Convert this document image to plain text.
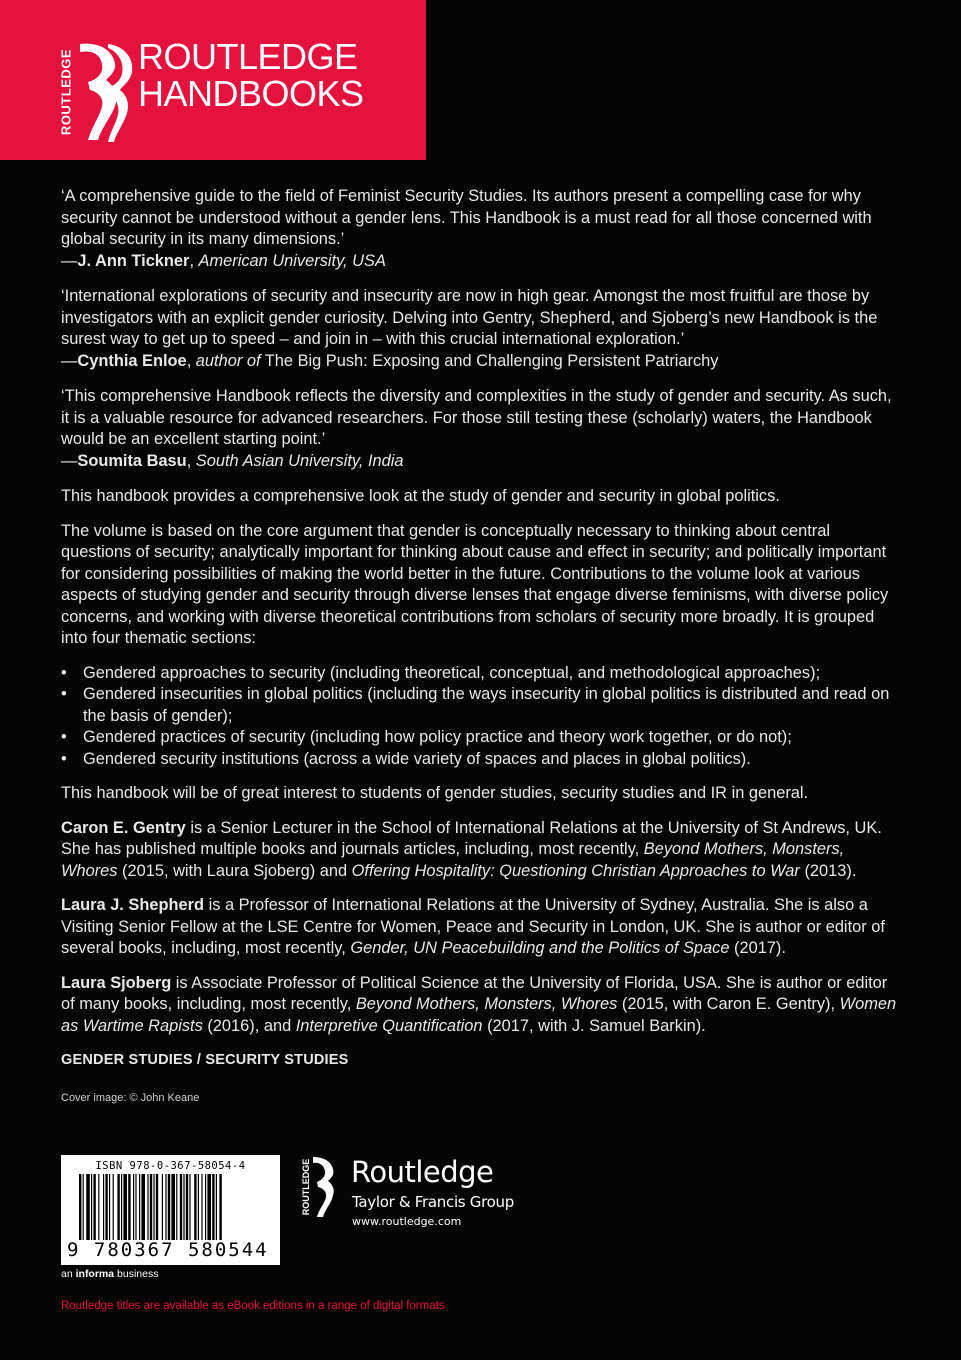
ROUTLEDGE ROUTLEDGE
HANDBOOKS
‘A comprehensive guide to the field of Feminist Security Studies. Its authors present a compelling case for why security cannot be understood without a gender lens. This Handbook is a must read for all those concerned with global security in its many dimensions.’
—J. Ann Tickner, American University, USA
‘International explorations of security and insecurity are now in high gear. Amongst the most fruitful are those by investigators with an explicit gender curiosity. Delving into Gentry, Shepherd, and Sjoberg’s new Handbook is the surest way to get up to speed – and join in – with this crucial international exploration.’
—Cynthia Enloe, author of The Big Push: Exposing and Challenging Persistent Patriarchy
‘This comprehensive Handbook reflects the diversity and complexities in the study of gender and security. As such, it is a valuable resource for advanced researchers. For those still testing these (scholarly) waters, the Handbook would be an excellent starting point.’
—Soumita Basu, South Asian University, India

This handbook provides a comprehensive look at the study of gender and security in global politics.

The volume is based on the core argument that gender is conceptually necessary to thinking about central questions of security; analytically important for thinking about cause and effect in security; and politically important for considering possibilities of making the world better in the future. Contributions to the volume look at various aspects of studying gender and security through diverse lenses that engage diverse feminisms, with diverse policy concerns, and working with diverse theoretical contributions from scholars of security more broadly. It is grouped into four thematic sections:

• Gendered approaches to security (including theoretical, conceptual, and methodological approaches);
• Gendered insecurities in global politics (including the ways insecurity in global politics is distributed and read on the basis of gender);
• Gendered practices of security (including how policy practice and theory work together, or do not);
• Gendered security institutions (across a wide variety of spaces and places in global politics).

This handbook will be of great interest to students of gender studies, security studies and IR in general.

Caron E. Gentry is a Senior Lecturer in the School of International Relations at the University of St Andrews, UK. She has published multiple books and journals articles, including, most recently, Beyond Mothers, Monsters, Whores (2015, with Laura Sjoberg) and Offering Hospitality: Questioning Christian Approaches to War (2013).

Laura J. Shepherd is a Professor of International Relations at the University of Sydney, Australia. She is also a Visiting Senior Fellow at the LSE Centre for Women, Peace and Security in London, UK. She is author or editor of several books, including, most recently, Gender, UN Peacebuilding and the Politics of Space (2017).

Laura Sjoberg is Associate Professor of Political Science at the University of Florida, USA. She is author or editor of many books, including, most recently, Beyond Mothers, Monsters, Whores (2015, with Caron E. Gentry), Women as Wartime Rapists (2016), and Interpretive Quantification (2017, with J. Samuel Barkin).

GENDER STUDIES / SECURITY STUDIES
Cover image: © John Keane
ISBN 978-0-367-58054-4
9 780367 580544
an informa business
ROUTLEDGE Routledge
Taylor & Francis Group
www.routledge.com
Routledge titles are available as eBook editions in a range of digital formats
